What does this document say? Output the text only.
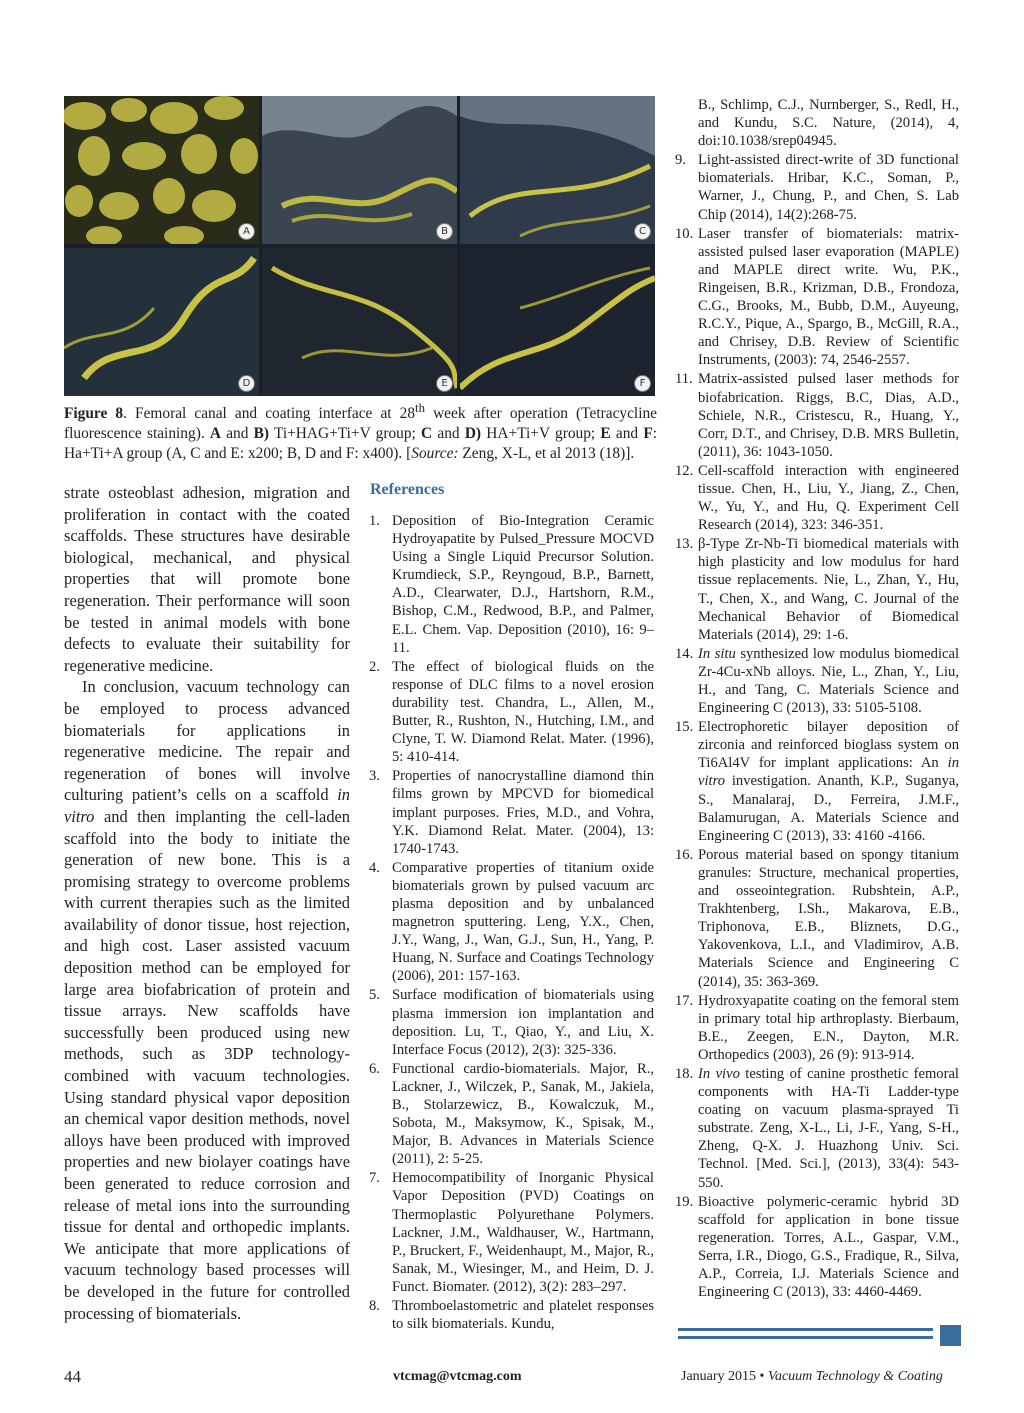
A	B	C
D	E	F
Figure 8. Femoral canal and coating interface at 28th week after operation (Tetracycline fluorescence staining). A and B) Ti+HAG+Ti+V group; C and D) HA+Ti+V group; E and F: Ha+Ti+A group (A, C and E: x200; B, D and F: x400). [Source: Zeng, X-L, et al 2013 (18)].

strate osteoblast adhesion, migration and proliferation in contact with the coated scaffolds. These structures have desirable biological, mechanical, and physical properties that will promote bone regeneration. Their performance will soon be tested in animal models with bone defects to evaluate their suitability for regenerative medicine.

In conclusion, vacuum technology can be employed to process advanced biomaterials for applications in regenerative medicine. The repair and regeneration of bones will involve culturing patient’s cells on a scaffold in vitro and then implanting the cell-laden scaffold into the body to initiate the generation of new bone. This is a promising strategy to overcome problems with current therapies such as the limited availability of donor tissue, host rejection, and high cost. Laser assisted vacuum deposition method can be employed for large area biofabrication of protein and tissue arrays. New scaffolds have successfully been produced using new methods, such as 3DP technology-combined with vacuum technologies. Using standard physical vapor deposition an chemical vapor desition methods, novel alloys have been produced with improved properties and new biolayer coatings have been generated to reduce corrosion and release of metal ions into the surrounding tissue for dental and orthopedic implants. We anticipate that more applications of vacuum technology based processes will be developed in the future for controlled processing of biomaterials.

References
1. Deposition of Bio-Integration Ceramic Hydroyapatite by Pulsed_Pressure MOCVD Using a Single Liquid Precursor Solution. Krumdieck, S.P., Reyngoud, B.P., Barnett, A.D., Clearwater, D.J., Hartshorn, R.M., Bishop, C.M., Redwood, B.P., and Palmer, E.L. Chem. Vap. Deposition (2010), 16: 9–11.
2. The effect of biological fluids on the response of DLC films to a novel erosion durability test. Chandra, L., Allen, M., Butter, R., Rushton, N., Hutching, I.M., and Clyne, T. W. Diamond Relat. Mater. (1996), 5: 410-414.
3. Properties of nanocrystalline diamond thin films grown by MPCVD for biomedical implant purposes. Fries, M.D., and Vohra, Y.K. Diamond Relat. Mater. (2004), 13: 1740-1743.
4. Comparative properties of titanium oxide biomaterials grown by pulsed vacuum arc plasma deposition and by unbalanced magnetron sputtering. Leng, Y.X., Chen, J.Y., Wang, J., Wan, G.J., Sun, H., Yang, P. Huang, N. Surface and Coatings Technology (2006), 201: 157-163.
5. Surface modification of biomaterials using plasma immersion ion implantation and deposition. Lu, T., Qiao, Y., and Liu, X. Interface Focus (2012), 2(3): 325-336.
6. Functional cardio-biomaterials. Major, R., Lackner, J., Wilczek, P., Sanak, M., Jakiela, B., Stolarzewicz, B., Kowalczuk, M., Sobota, M., Maksymow, K., Spisak, M., Major, B. Advances in Materials Science (2011), 2: 5-25.
7. Hemocompatibility of Inorganic Physical Vapor Deposition (PVD) Coatings on Thermoplastic Polyurethane Polymers. Lackner, J.M., Waldhauser, W., Hartmann, P., Bruckert, F., Weidenhaupt, M., Major, R., Sanak, M., Wiesinger, M., and Heim, D. J. Funct. Biomater. (2012), 3(2): 283–297.
8. Thromboelastometric and platelet responses to silk biomaterials. Kundu,
B., Schlimp, C.J., Nurnberger, S., Redl, H., and Kundu, S.C. Nature, (2014), 4, doi:10.1038/srep04945.
9. Light-assisted direct-write of 3D functional biomaterials. Hribar, K.C., Soman, P., Warner, J., Chung, P., and Chen, S. Lab Chip (2014), 14(2):268-75.
10. Laser transfer of biomaterials: matrix-assisted pulsed laser evaporation (MAPLE) and MAPLE direct write. Wu, P.K., Ringeisen, B.R., Krizman, D.B., Frondoza, C.G., Brooks, M., Bubb, D.M., Auyeung, R.C.Y., Pique, A., Spargo, B., McGill, R.A., and Chrisey, D.B. Review of Scientific Instruments, (2003): 74, 2546-2557.
11. Matrix-assisted pulsed laser methods for biofabrication. Riggs, B.C, Dias, A.D., Schiele, N.R., Cristescu, R., Huang, Y., Corr, D.T., and Chrisey, D.B. MRS Bulletin, (2011), 36: 1043-1050.
12. Cell-scaffold interaction with engineered tissue. Chen, H., Liu, Y., Jiang, Z., Chen, W., Yu, Y., and Hu, Q. Experiment Cell Research (2014), 323: 346-351.
13. β-Type Zr-Nb-Ti biomedical materials with high plasticity and low modulus for hard tissue replacements. Nie, L., Zhan, Y., Hu, T., Chen, X., and Wang, C. Journal of the Mechanical Behavior of Biomedical Materials (2014), 29: 1-6.
14. In situ synthesized low modulus biomedical Zr-4Cu-xNb alloys. Nie, L., Zhan, Y., Liu, H., and Tang, C. Materials Science and Engineering C (2013), 33: 5105-5108.
15. Electrophoretic bilayer deposition of zirconia and reinforced bioglass system on Ti6Al4V for implant applications: An in vitro investigation. Ananth, K.P., Suganya, S., Manalaraj, D., Ferreira, J.M.F., Balamurugan, A. Materials Science and Engineering C (2013), 33: 4160 -4166.
16. Porous material based on spongy titanium granules: Structure, mechanical properties, and osseointegration. Rubshtein, A.P., Trakhtenberg, I.Sh., Makarova, E.B., Triphonova, E.B., Bliznets, D.G., Yakovenkova, L.I., and Vladimirov, A.B. Materials Science and Engineering C (2014), 35: 363-369.
17. Hydroxyapatite coating on the femoral stem in primary total hip arthroplasty. Bierbaum, B.E., Zeegen, E.N., Dayton, M.R. Orthopedics (2003), 26 (9): 913-914.
18. In vivo testing of canine prosthetic femoral components with HA-Ti Ladder-type coating on vacuum plasma-sprayed Ti substrate. Zeng, X-L., Li, J-F., Yang, S-H., Zheng, Q-X. J. Huazhong Univ. Sci. Technol. [Med. Sci.], (2013), 33(4): 543-550.
19. Bioactive polymeric-ceramic hybrid 3D scaffold for application in bone tissue regeneration. Torres, A.L., Gaspar, V.M., Serra, I.R., Diogo, G.S., Fradique, R., Silva, A.P., Correia, I.J. Materials Science and Engineering C (2013), 33: 4460-4469.
44	vtcmag@vtcmag.com	January 2015 • Vacuum Technology & Coating
